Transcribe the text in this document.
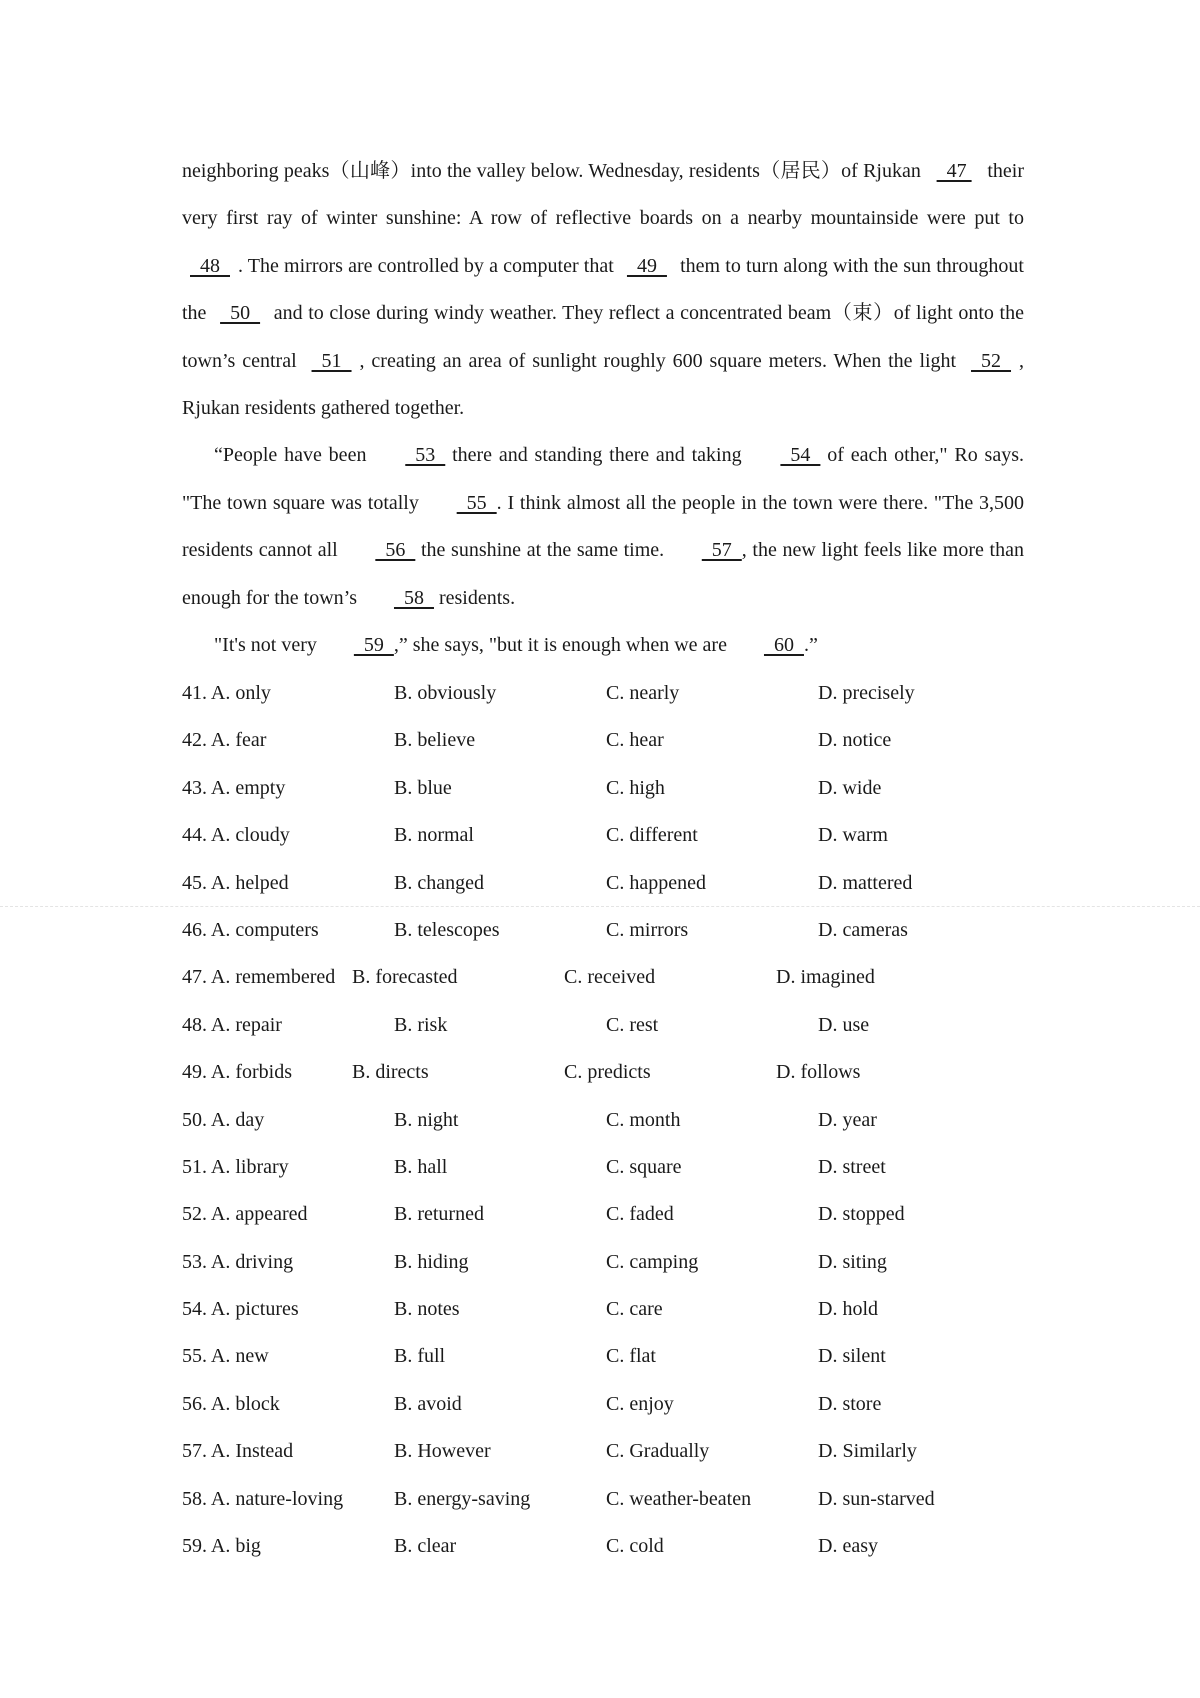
neighboring peaks（山峰）into the valley below. Wednesday, residents（居民）of Rjukan   47  their very first ray of winter sunshine: A row of reflective boards on a nearby mountainside were put to   48  . The mirrors are controlled by a computer that   49   them to turn along with the sun throughout the   50   and to close during windy weather. They reflect a concentrated beam（束）of light onto the town’s central   51  , creating an area of sunlight roughly 600 square meters. When the light   52  , Rjukan residents gathered together.

“People have been   53   there and standing there and taking   54   of each other," Ro says. "The town square was totally   55  . I think almost all the people in the town were there. "The 3,500 residents cannot all   56   the sunshine at the same time.   57  , the new light feels like more than enough for the town’s   58   residents.

"It's not very   59  ,” she says, "but it is enough when we are   60  .”

41. A. only	B. obviously	C. nearly	D. precisely
42. A. fear	B. believe	C. hear	D. notice
43. A. empty	B. blue	C. high	D. wide
44. A. cloudy	B. normal	C. different	D. warm
45. A. helped	B. changed	C. happened	D. mattered
46. A. computers	B. telescopes	C. mirrors	D. cameras
47. A. remembered B. forecasted	C. received	D. imagined
48. A. repair	B. risk	C. rest	D. use
49. A. forbids	B. directs	C. predicts	D. follows
50. A. day	B. night	C. month	D. year
51. A. library	B. hall	C. square	D. street
52. A. appeared	B. returned	C. faded	D. stopped
53. A. driving	B. hiding	C. camping	D. siting
54. A. pictures	B. notes	C. care	D. hold
55. A. new	B. full	C. flat	D. silent
56. A. block	B. avoid	C. enjoy	D. store
57. A. Instead	B. However	C. Gradually	D. Similarly
58. A. nature-loving	B. energy-saving	C. weather-beaten	D. sun-starved
59. A. big	B. clear	C. cold	D. easy
